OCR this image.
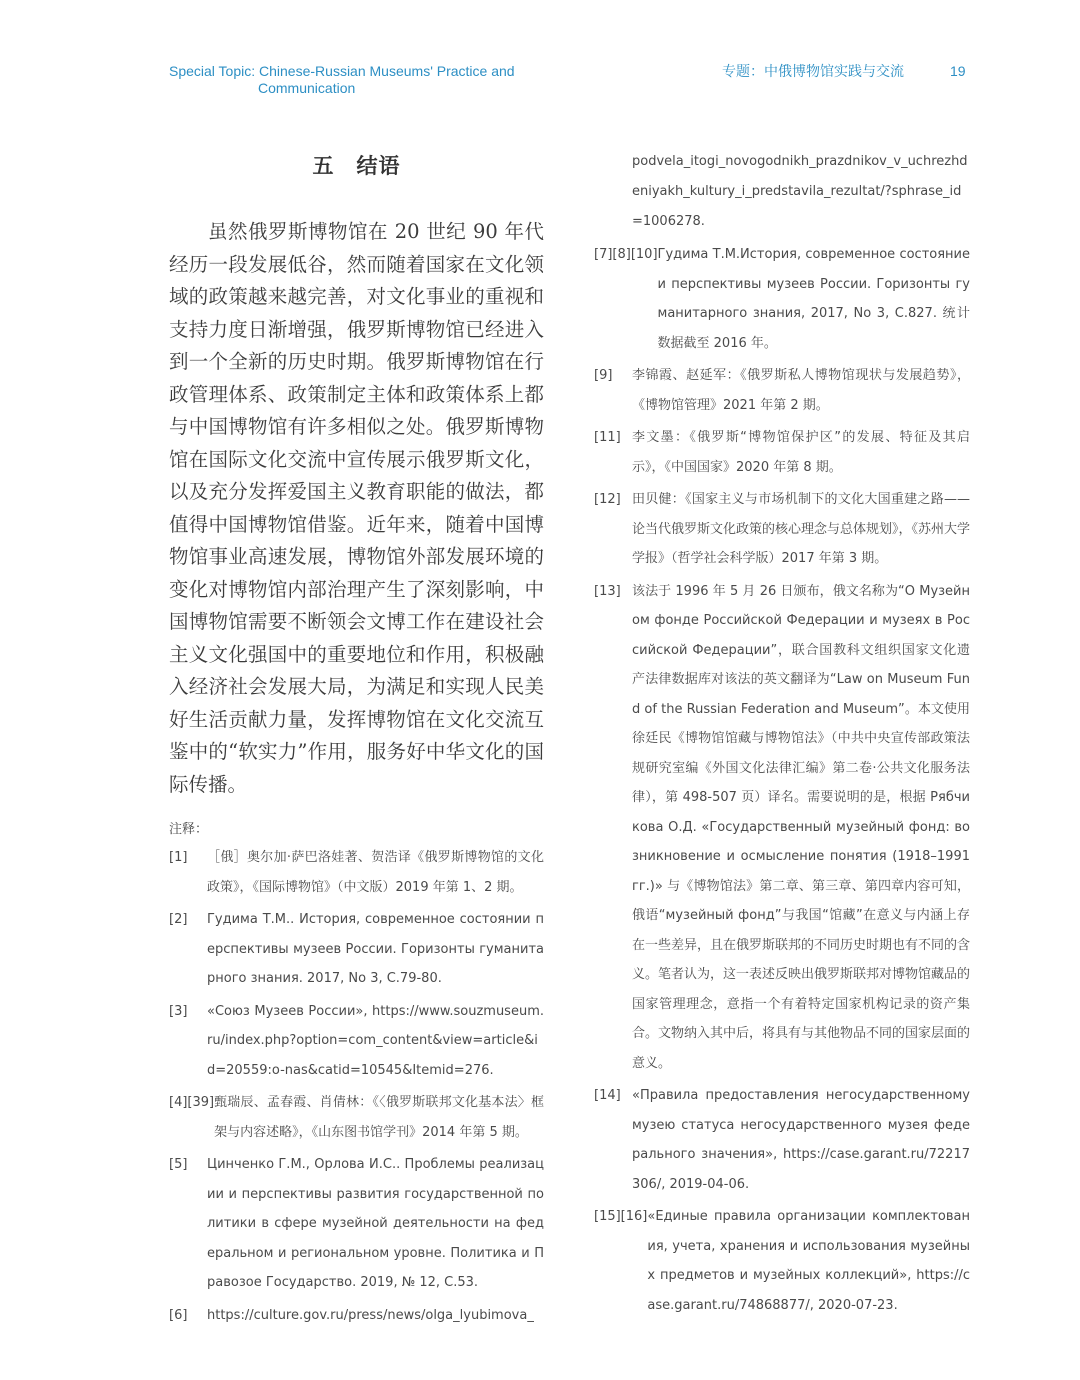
Special Topic: Chinese-Russian Museums' Practice and
Communication
专题：中俄博物馆实践与交流	19
五　结语

虽然俄罗斯博物馆在 20 世纪 90 年代经历一段发展低谷，然而随着国家在文化领域的政策越来越完善，对文化事业的重视和支持力度日渐增强，俄罗斯博物馆已经进入到一个全新的历史时期。俄罗斯博物馆在行政管理体系、政策制定主体和政策体系上都与中国博物馆有许多相似之处。俄罗斯博物馆在国际文化交流中宣传展示俄罗斯文化，以及充分发挥爱国主义教育职能的做法，都值得中国博物馆借鉴。近年来，随着中国博物馆事业高速发展，博物馆外部发展环境的变化对博物馆内部治理产生了深刻影响，中国博物馆需要不断领会文博工作在建设社会主义文化强国中的重要地位和作用，积极融入经济社会发展大局，为满足和实现人民美好生活贡献力量，发挥博物馆在文化交流互鉴中的“软实力”作用，服务好中华文化的国际传播。

注释：
[1]	［俄］奥尔加·萨巴洛娃著、贺浩译《俄罗斯博物馆的文化政策》，《国际博物馆》（中文版）2019 年第 1、2 期。
[2]	Гудима Т.М.. История, современное состоянии перспективы музеев России. Горизонты гуманитарного знания. 2017, No 3, C.79-80.
[3]	«Союз Музеев России», https://www.souzmuseum.ru/index.php?option=com_content&view=article&id=2055​9:o-nas&catid=10545&Itemid=276.
[4][39] 甄瑞辰、孟春霞、肖倩林：《〈俄罗斯联邦文化基本法〉框架与内容述略》，《山东图书馆学刊》2014 年第 5 期。
[5]	Цинченко Г.М., Орлова И.С.. Проблемы реализации и перспективы развития государственной политики в сфере музейной деятельности на федеральном и региональном уровне. Политика и Правозое Государство. 2019, № 12, C.53.
[6]	https://culture.gov.ru/press/news/olga_lyubimova_
podvela_itogi_novogodnikh_prazdnikov_v_uchrezhdeniyakh_kultury_i_predstavila_rezultat/?sphrase_id=1006278.
[7][8][10] Гудима Т.М.История, современное состояниеи перспективы музеев России. Горизонты гуманитарного знания, 2017, No 3, C.827. 统计数据截至 2016 年。
[9]	李锦霞、赵延军：《俄罗斯私人博物馆现状与发展趋势》，《博物馆管理》2021 年第 2 期。
[11] 李文墨：《俄罗斯“博物馆保护区”的发展、特征及其启示》，《中国国家》2020 年第 8 期。
[12] 田贝健：《国家主义与市场机制下的文化大国重建之路——论当代俄罗斯文化政策的核心理念与总体规划》，《苏州大学学报》（哲学社会科学版）2017 年第 3 期。
[13] 该法于 1996 年 5 月 26 日颁布，俄文名称为“О Музейном фонде Российской Федерации и музеях в Российской Федерации”，联合国教科文组织国家文化遗产法律数据库对该法的英文翻译为“Law on Museum Fund of the Russian Federation and Museum”。本文使用徐廷民《博物馆馆藏与博物馆法》（中共中央宣传部政策法规研究室编《外国文化法律汇编》第二卷·公共文化服务法律），第 498-507 页）译名。需要说明的是，根据 Рябчикова О.Д. «Государственный музейный фонд: возникновение и осмысление понятия (1918–1991гг.)» 与《博物馆法》第二章、第三章、第四章内容可知，俄语“музейный фонд”与我国“馆藏”在意义与内涵上存在一些差异，且在俄罗斯联邦的不同历史时期也有不同的含义。笔者认为，这一表述反映出俄罗斯联邦对博物馆藏品的国家管理理念，意指一个有着特定国家机构记录的资产集合。文物纳入其中后，将具有与其他物品不同的国家层面的意义。
[14] «Правила предоставления негосударственному музею статуса негосударственного музея федерального значения», https://case.garant.ru/72217306/, 2019-04-06.
[15][16] «Единые правила организации комплектования, учета, хранения и использования музейных предметов и музейных коллекций», https://case.garant.ru/74868877/, 2020-07-23.
